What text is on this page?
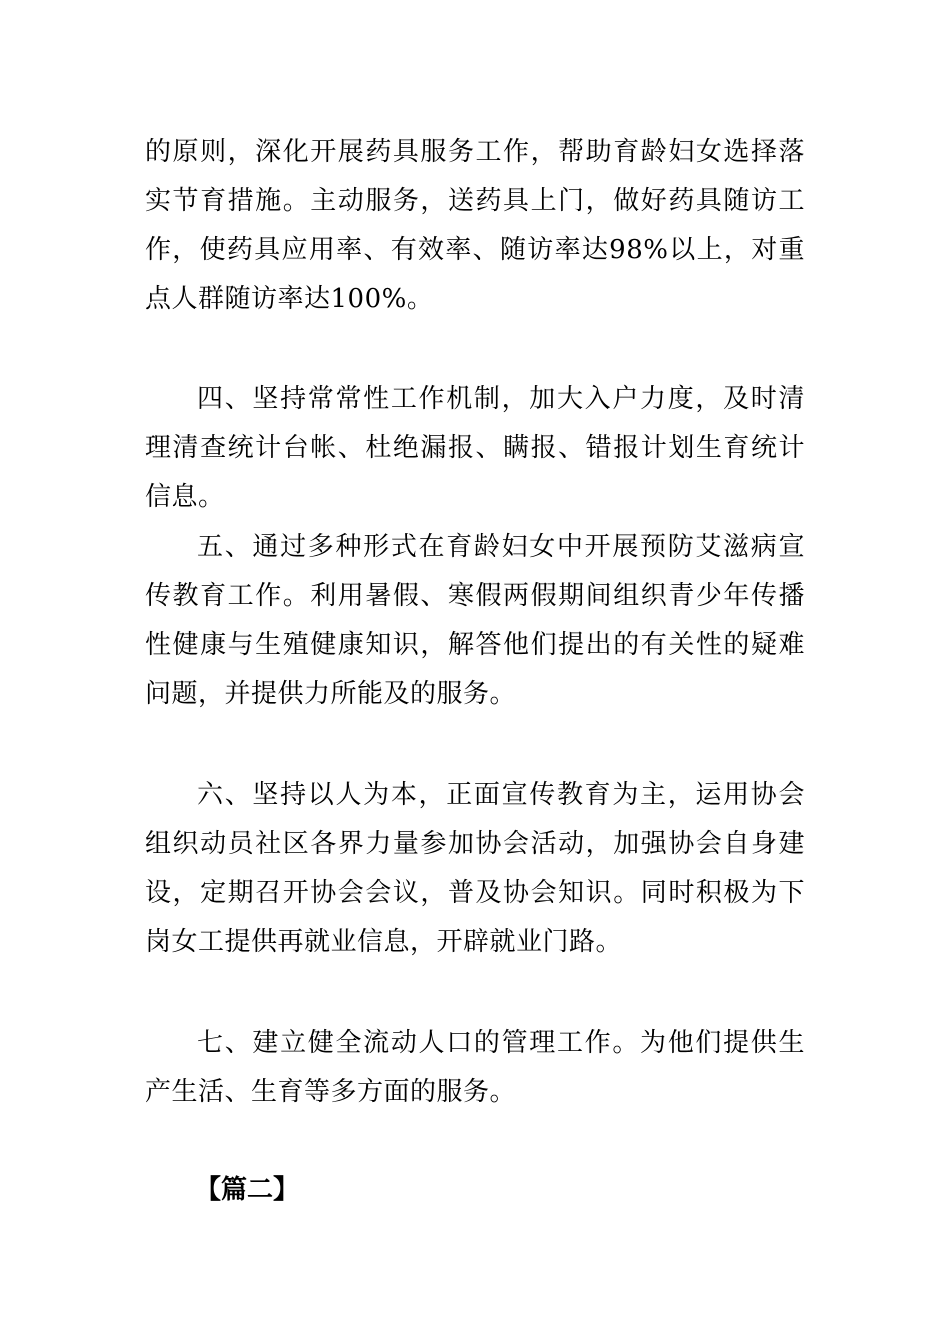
的原则，深化开展药具服务工作，帮助育龄妇女选择落实节育措施。主动服务，送药具上门，做好药具随访工作，使药具应用率、有效率、随访率达98%以上，对重点人群随访率达100%。

四、坚持常常性工作机制，加大入户力度，及时清理清查统计台帐、杜绝漏报、瞒报、错报计划生育统计信息。

五、通过多种形式在育龄妇女中开展预防艾滋病宣传教育工作。利用暑假、寒假两假期间组织青少年传播性健康与生殖健康知识，解答他们提出的有关性的疑难问题，并提供力所能及的服务。

六、坚持以人为本，正面宣传教育为主，运用协会组织动员社区各界力量参加协会活动，加强协会自身建设，定期召开协会会议，普及协会知识。同时积极为下岗女工提供再就业信息，开辟就业门路。

七、建立健全流动人口的管理工作。为他们提供生产生活、生育等多方面的服务。

【篇二】
